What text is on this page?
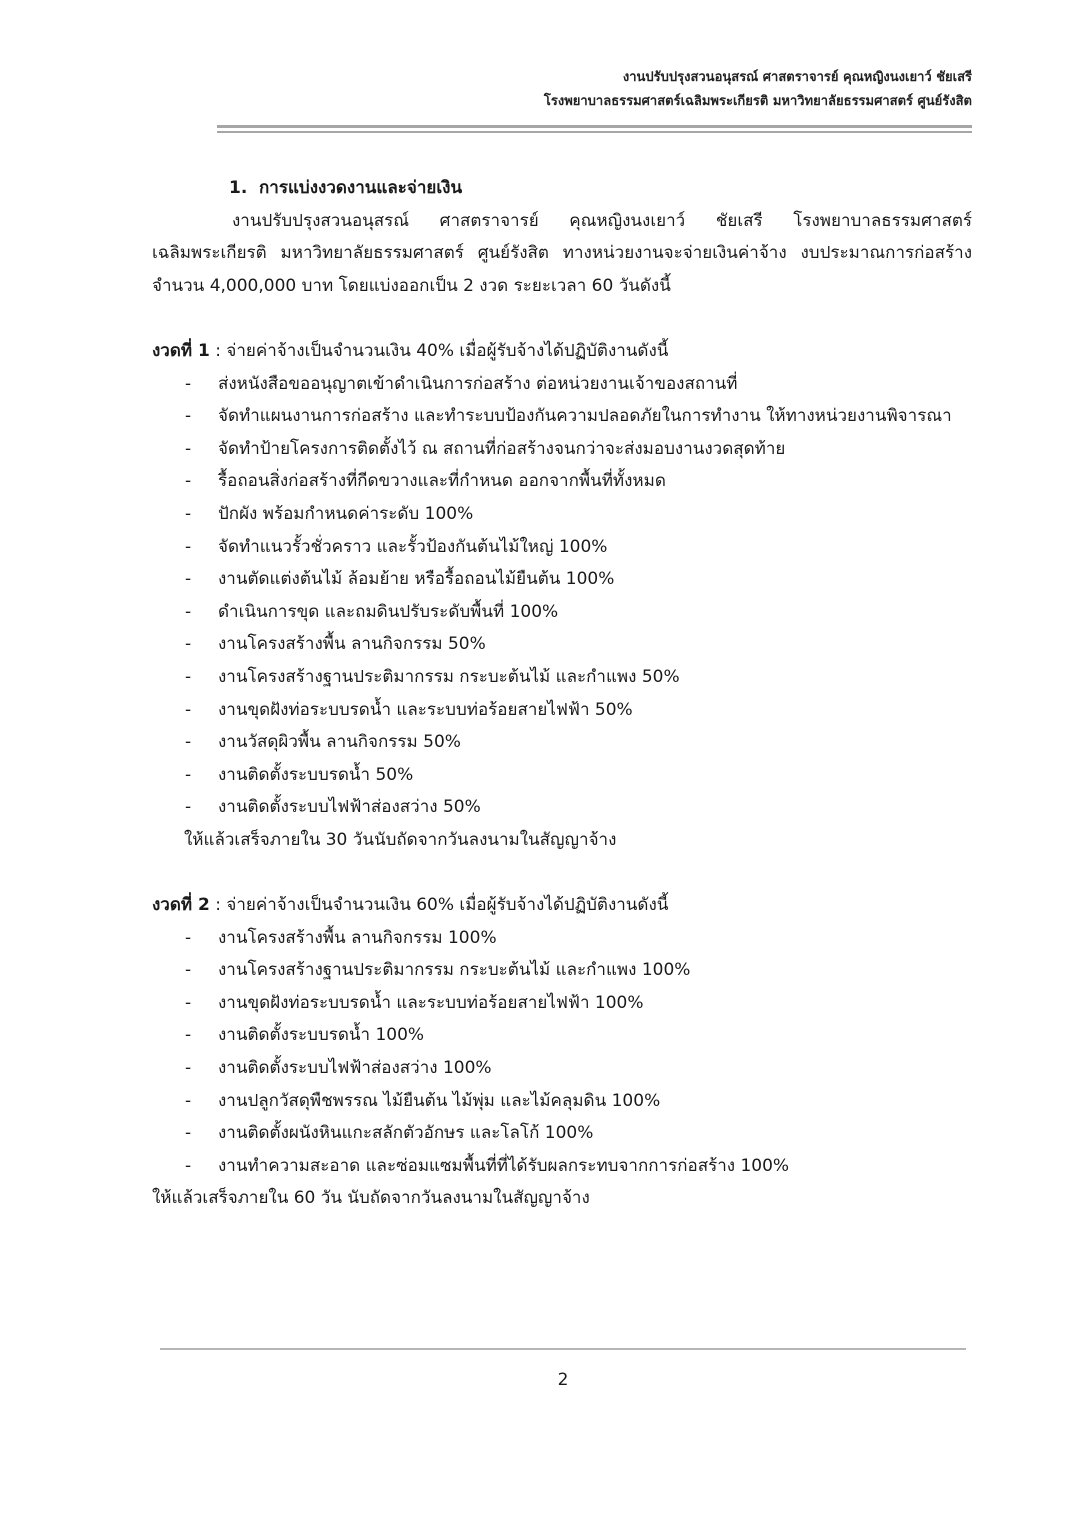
งานปรับปรุงสวนอนุสรณ์ ศาสตราจารย์ คุณหญิงนงเยาว์ ชัยเสรี
โรงพยาบาลธรรมศาสตร์เฉลิมพระเกียรติ มหาวิทยาลัยธรรมศาสตร์ ศูนย์รังสิต

1. การแบ่งงวดงานและจ่ายเงิน

งานปรับปรุงสวนอนุสรณ์ ศาสตราจารย์ คุณหญิงนงเยาว์ ชัยเสรี โรงพยาบาลธรรมศาสตร์เฉลิมพระเกียรติ มหาวิทยาลัยธรรมศาสตร์ ศูนย์รังสิต ทางหน่วยงานจะจ่ายเงินค่าจ้าง งบประมาณการก่อสร้างจำนวน 4,000,000 บาท โดยแบ่งออกเป็น 2 งวด ระยะเวลา 60 วันดังนี้

งวดที่ 1 : จ่ายค่าจ้างเป็นจำนวนเงิน 40% เมื่อผู้รับจ้างได้ปฏิบัติงานดังนี้

- ส่งหนังสือขออนุญาตเข้าดำเนินการก่อสร้าง ต่อหน่วยงานเจ้าของสถานที่
- จัดทำแผนงานการก่อสร้าง และทำระบบป้องกันความปลอดภัยในการทำงาน ให้ทางหน่วยงานพิจารณา
- จัดทำป้ายโครงการติดตั้งไว้ ณ สถานที่ก่อสร้างจนกว่าจะส่งมอบงานงวดสุดท้าย
- รื้อถอนสิ่งก่อสร้างที่กีดขวางและที่กำหนด ออกจากพื้นที่ทั้งหมด
- ปักผัง พร้อมกำหนดค่าระดับ 100%
- จัดทำแนวรั้วชั่วคราว และรั้วป้องกันต้นไม้ใหญ่ 100%
- งานตัดแต่งต้นไม้ ล้อมย้าย หรือรื้อถอนไม้ยืนต้น 100%
- ดำเนินการขุด และถมดินปรับระดับพื้นที่ 100%
- งานโครงสร้างพื้น ลานกิจกรรม 50%
- งานโครงสร้างฐานประติมากรรม กระบะต้นไม้ และกำแพง 50%
- งานขุดฝังท่อระบบรดน้ำ และระบบท่อร้อยสายไฟฟ้า 50%
- งานวัสดุผิวพื้น ลานกิจกรรม 50%
- งานติดตั้งระบบรดน้ำ 50%
- งานติดตั้งระบบไฟฟ้าส่องสว่าง 50%

ให้แล้วเสร็จภายใน 30 วันนับถัดจากวันลงนามในสัญญาจ้าง

งวดที่ 2 : จ่ายค่าจ้างเป็นจำนวนเงิน 60% เมื่อผู้รับจ้างได้ปฏิบัติงานดังนี้

- งานโครงสร้างพื้น ลานกิจกรรม 100%
- งานโครงสร้างฐานประติมากรรม กระบะต้นไม้ และกำแพง 100%
- งานขุดฝังท่อระบบรดน้ำ และระบบท่อร้อยสายไฟฟ้า 100%
- งานติดตั้งระบบรดน้ำ 100%
- งานติดตั้งระบบไฟฟ้าส่องสว่าง 100%
- งานปลูกวัสดุพืชพรรณ ไม้ยืนต้น ไม้พุ่ม และไม้คลุมดิน 100%
- งานติดตั้งผนังหินแกะสลักตัวอักษร และโลโก้ 100%
- งานทำความสะอาด และซ่อมแซมพื้นที่ที่ได้รับผลกระทบจากการก่อสร้าง 100%

ให้แล้วเสร็จภายใน 60 วัน นับถัดจากวันลงนามในสัญญาจ้าง

2
